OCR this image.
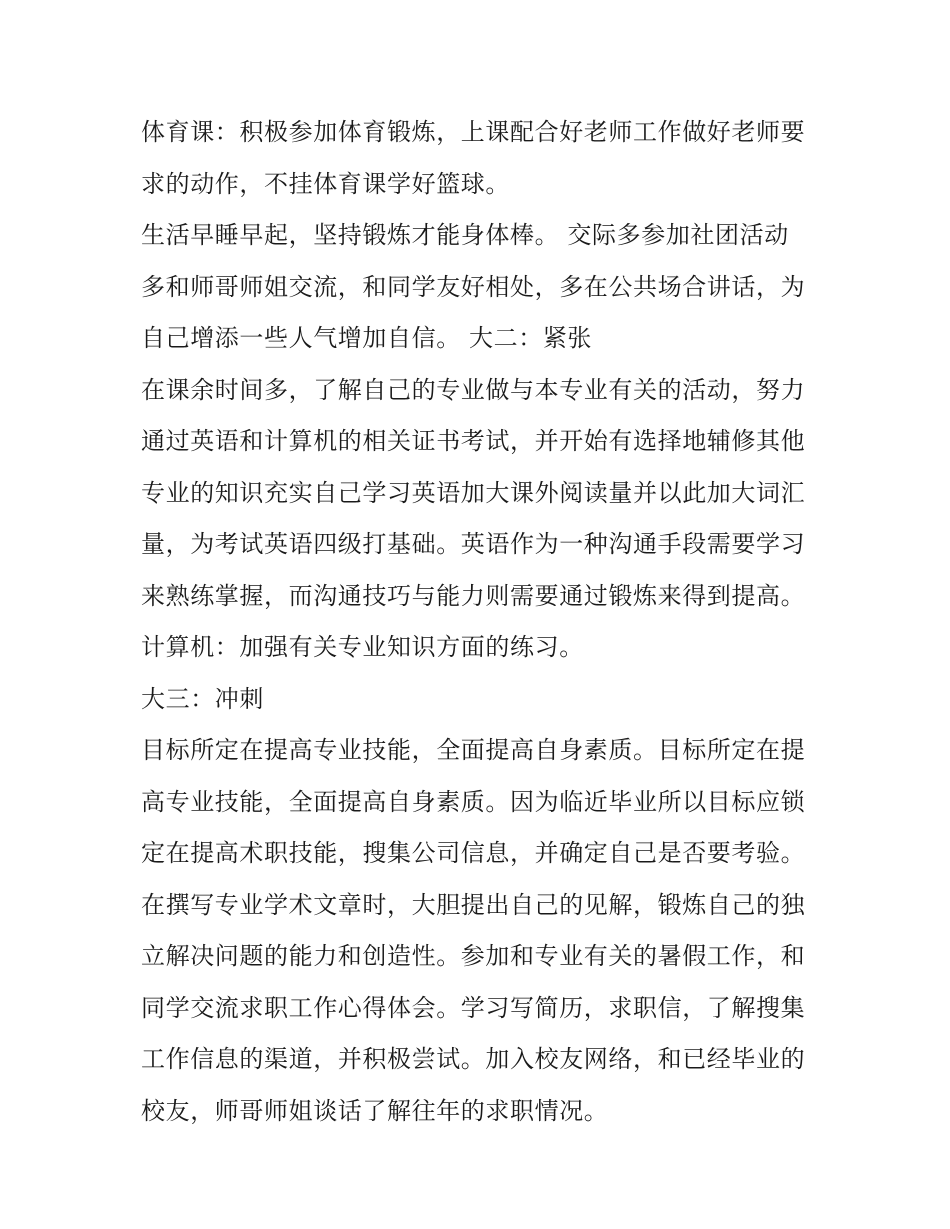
体育课：积极参加体育锻炼，上课配合好老师工作做好老师要
求的动作，不挂体育课学好篮球。
生活早睡早起，坚持锻炼才能身体棒。 交际多参加社团活动
多和师哥师姐交流，和同学友好相处，多在公共场合讲话，为
自己增添一些人气增加自信。 大二：紧张
在课余时间多，了解自己的专业做与本专业有关的活动，努力
通过英语和计算机的相关证书考试，并开始有选择地辅修其他
专业的知识充实自己学习英语加大课外阅读量并以此加大词汇
量，为考试英语四级打基础。英语作为一种沟通手段需要学习
来熟练掌握，而沟通技巧与能力则需要通过锻炼来得到提高。
计算机：加强有关专业知识方面的练习。
大三：冲刺
目标所定在提高专业技能，全面提高自身素质。目标所定在提
高专业技能，全面提高自身素质。因为临近毕业所以目标应锁
定在提高术职技能，搜集公司信息，并确定自己是否要考验。
在撰写专业学术文章时，大胆提出自己的见解，锻炼自己的独
立解决问题的能力和创造性。参加和专业有关的暑假工作，和
同学交流求职工作心得体会。学习写简历，求职信，了解搜集
工作信息的渠道，并积极尝试。加入校友网络，和已经毕业的
校友，师哥师姐谈话了解往年的求职情况。
